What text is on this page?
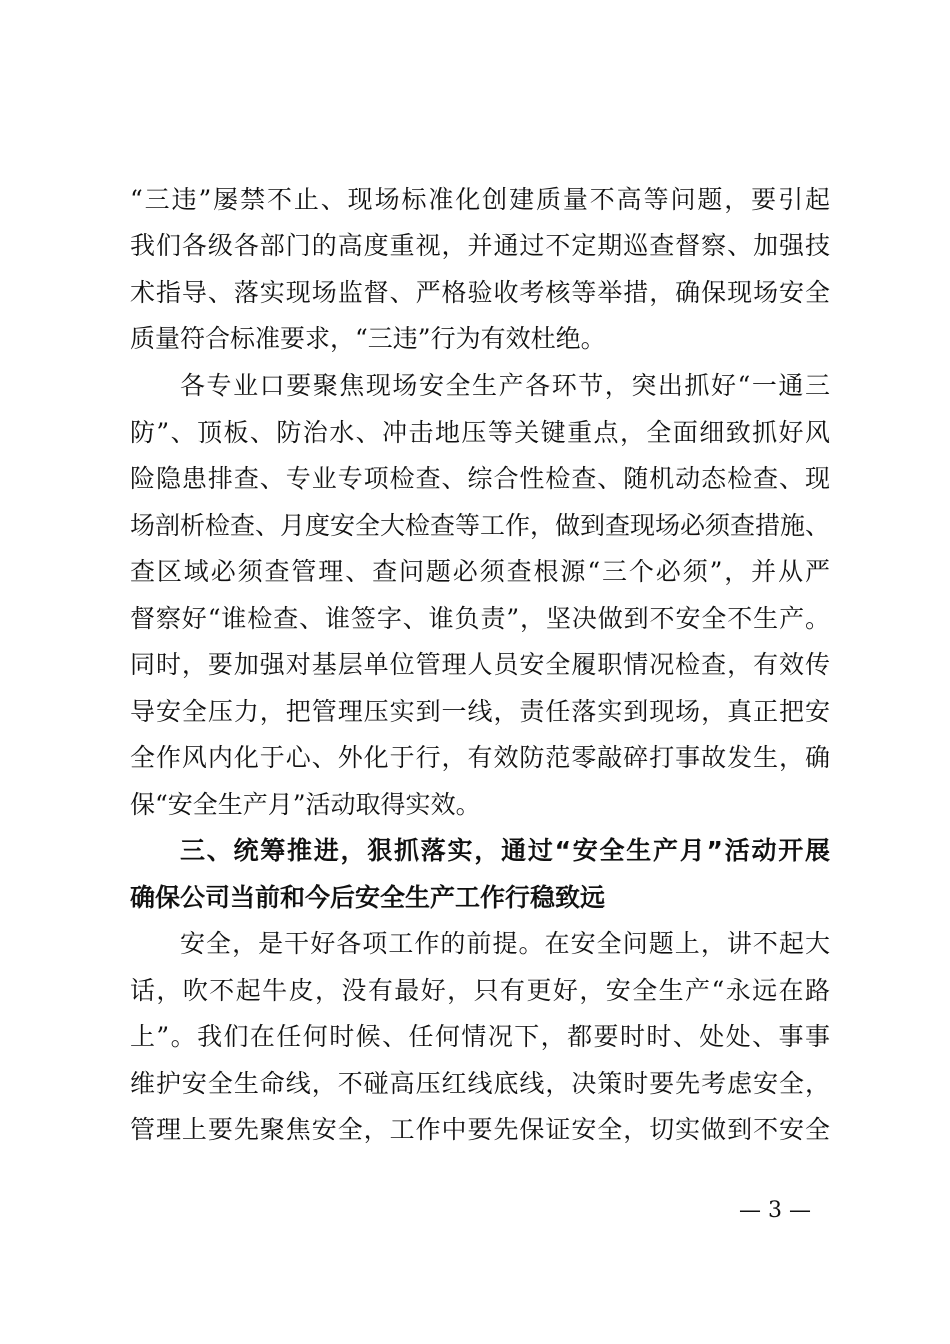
“三违”屡禁不止、现场标准化创建质量不高等问题，要引起
我们各级各部门的高度重视，并通过不定期巡查督察、加强技
术指导、落实现场监督、严格验收考核等举措，确保现场安全
质量符合标准要求，“三违”行为有效杜绝。
各专业口要聚焦现场安全生产各环节，突出抓好“一通三
防”、顶板、防治水、冲击地压等关键重点，全面细致抓好风
险隐患排查、专业专项检查、综合性检查、随机动态检查、现
场剖析检查、月度安全大检查等工作，做到查现场必须查措施、
查区域必须查管理、查问题必须查根源“三个必须”，并从严
督察好“谁检查、谁签字、谁负责”，坚决做到不安全不生产。
同时，要加强对基层单位管理人员安全履职情况检查，有效传
导安全压力，把管理压实到一线，责任落实到现场，真正把安
全作风内化于心、外化于行，有效防范零敲碎打事故发生，确
保“安全生产月”活动取得实效。
三、统筹推进，狠抓落实，通过“安全生产月”活动开展
确保公司当前和今后安全生产工作行稳致远
安全，是干好各项工作的前提。在安全问题上，讲不起大
话，吹不起牛皮，没有最好，只有更好，安全生产“永远在路
上”。我们在任何时候、任何情况下，都要时时、处处、事事
维护安全生命线，不碰高压红线底线，决策时要先考虑安全，
管理上要先聚焦安全，工作中要先保证安全，切实做到不安全
— 3 —
